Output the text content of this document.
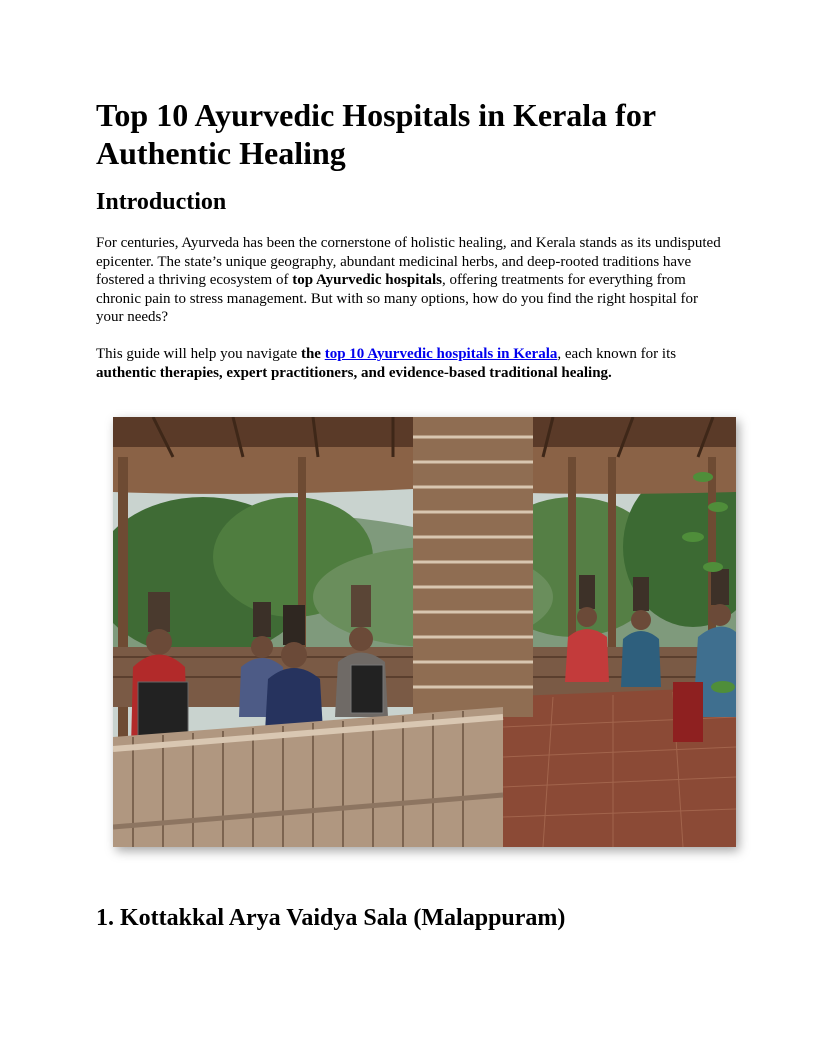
Top 10 Ayurvedic Hospitals in Kerala for Authentic Healing
Introduction

For centuries, Ayurveda has been the cornerstone of holistic healing, and Kerala stands as its undisputed epicenter. The state’s unique geography, abundant medicinal herbs, and deep-rooted traditions have fostered a thriving ecosystem of top Ayurvedic hospitals, offering treatments for everything from chronic pain to stress management. But with so many options, how do you find the right hospital for your needs?

This guide will help you navigate the top 10 Ayurvedic hospitals in Kerala, each known for its authentic therapies, expert practitioners, and evidence-based traditional healing.

1. Kottakkal Arya Vaidya Sala (Malappuram)
